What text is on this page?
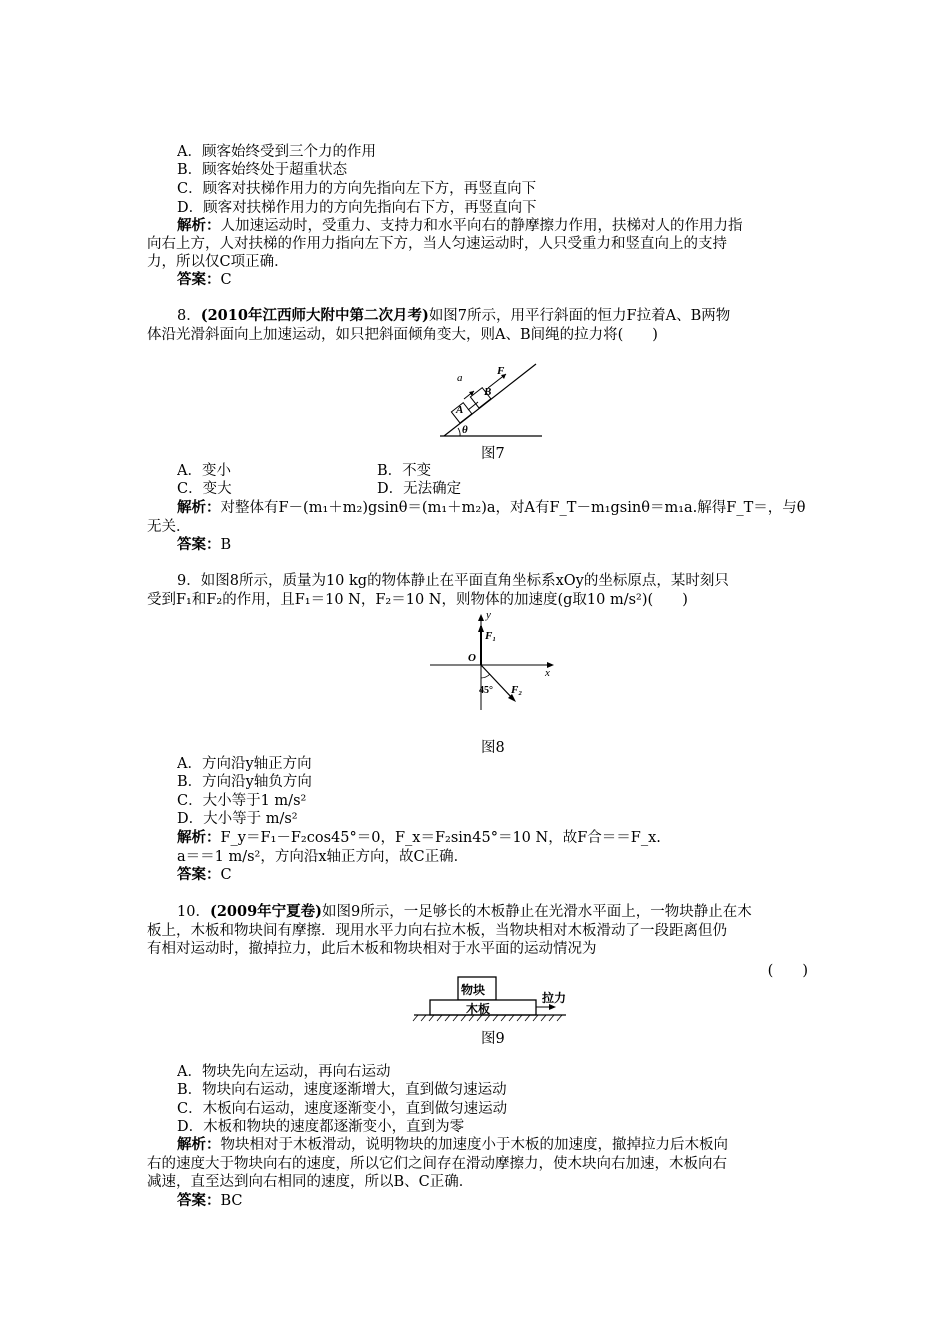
A．顾客始终受到三个力的作用
B．顾客始终处于超重状态
C．顾客对扶梯作用力的方向先指向左下方，再竖直向下
D．顾客对扶梯作用力的方向先指向右下方，再竖直向下
解析：人加速运动时，受重力、支持力和水平向右的静摩擦力作用，扶梯对人的作用力指
向右上方，人对扶梯的作用力指向左下方，当人匀速运动时，人只受重力和竖直向上的支持
力，所以仅C项正确．
答案：C
8．(2010年江西师大附中第二次月考)如图7所示，用平行斜面的恒力F拉着A、B两物
体沿光滑斜面向上加速运动，如只把斜面倾角变大，则A、B间绳的拉力将(　　)
a
F
B
A
θ
图7
A．变小	B．不变
C．变大	D．无法确定
解析：对整体有F－(m₁＋m₂)gsinθ＝(m₁＋m₂)a，对A有F_T－m₁gsinθ＝m₁a.解得F_T＝，与θ
无关．
答案：B
9．如图8所示，质量为10 kg的物体静止在平面直角坐标系xOy的坐标原点，某时刻只
受到F₁和F₂的作用，且F₁＝10 N，F₂＝10 N，则物体的加速度(g取10 m/s²)(　　)
y
F₁
O
x
45° F₂
图8
A．方向沿y轴正方向
B．方向沿y轴负方向
C．大小等于1 m/s²
D．大小等于 m/s²
解析：F_y＝F₁－F₂cos45°＝0，F_x＝F₂sin45°＝10 N，故F合＝＝F_x.
a＝＝1 m/s²，方向沿x轴正方向，故C正确．
答案：C
10．(2009年宁夏卷)如图9所示，一足够长的木板静止在光滑水平面上，一物块静止在木
板上，木板和物块间有摩擦．现用水平力向右拉木板，当物块相对木板滑动了一段距离但仍
有相对运动时，撤掉拉力，此后木板和物块相对于水平面的运动情况为
(　　)
物块
木板
拉力
图9
A．物块先向左运动，再向右运动
B．物块向右运动，速度逐渐增大，直到做匀速运动
C．木板向右运动，速度逐渐变小，直到做匀速运动
D．木板和物块的速度都逐渐变小，直到为零
解析：物块相对于木板滑动，说明物块的加速度小于木板的加速度，撤掉拉力后木板向
右的速度大于物块向右的速度，所以它们之间存在滑动摩擦力，使木块向右加速，木板向右
减速，直至达到向右相同的速度，所以B、C正确．
答案：BC
